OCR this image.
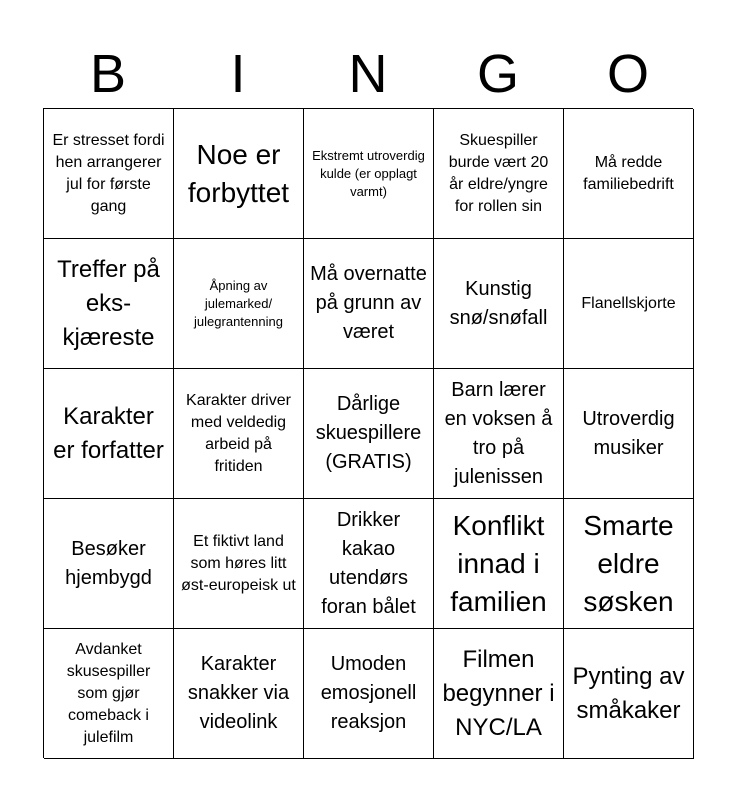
B	I	N	G	O
Er stresset fordi hen arrangerer jul for første gang
Noe er forbyttet
Ekstremt utroverdig kulde (er opplagt varmt)
Skuespiller burde vært 20 år eldre/yngre for rollen sin
Må redde familiebedrift
Treffer på eks-kjæreste
Åpning av julemarked/ julegrantenning
Må overnatte på grunn av været
Kunstig snø/snøfall
Flanellskjorte
Karakter er forfatter
Karakter driver med veldedig arbeid på fritiden
Dårlige skuespillere (GRATIS)
Barn lærer en voksen å tro på julenissen
Utroverdig musiker
Besøker hjembygd
Et fiktivt land som høres litt øst-europeisk ut
Drikker kakao utendørs foran bålet
Konflikt innad i familien
Smarte eldre søsken
Avdanket skusespiller som gjør comeback i julefilm
Karakter snakker via videolink
Umoden emosjonell reaksjon
Filmen begynner i NYC/LA
Pynting av småkaker
